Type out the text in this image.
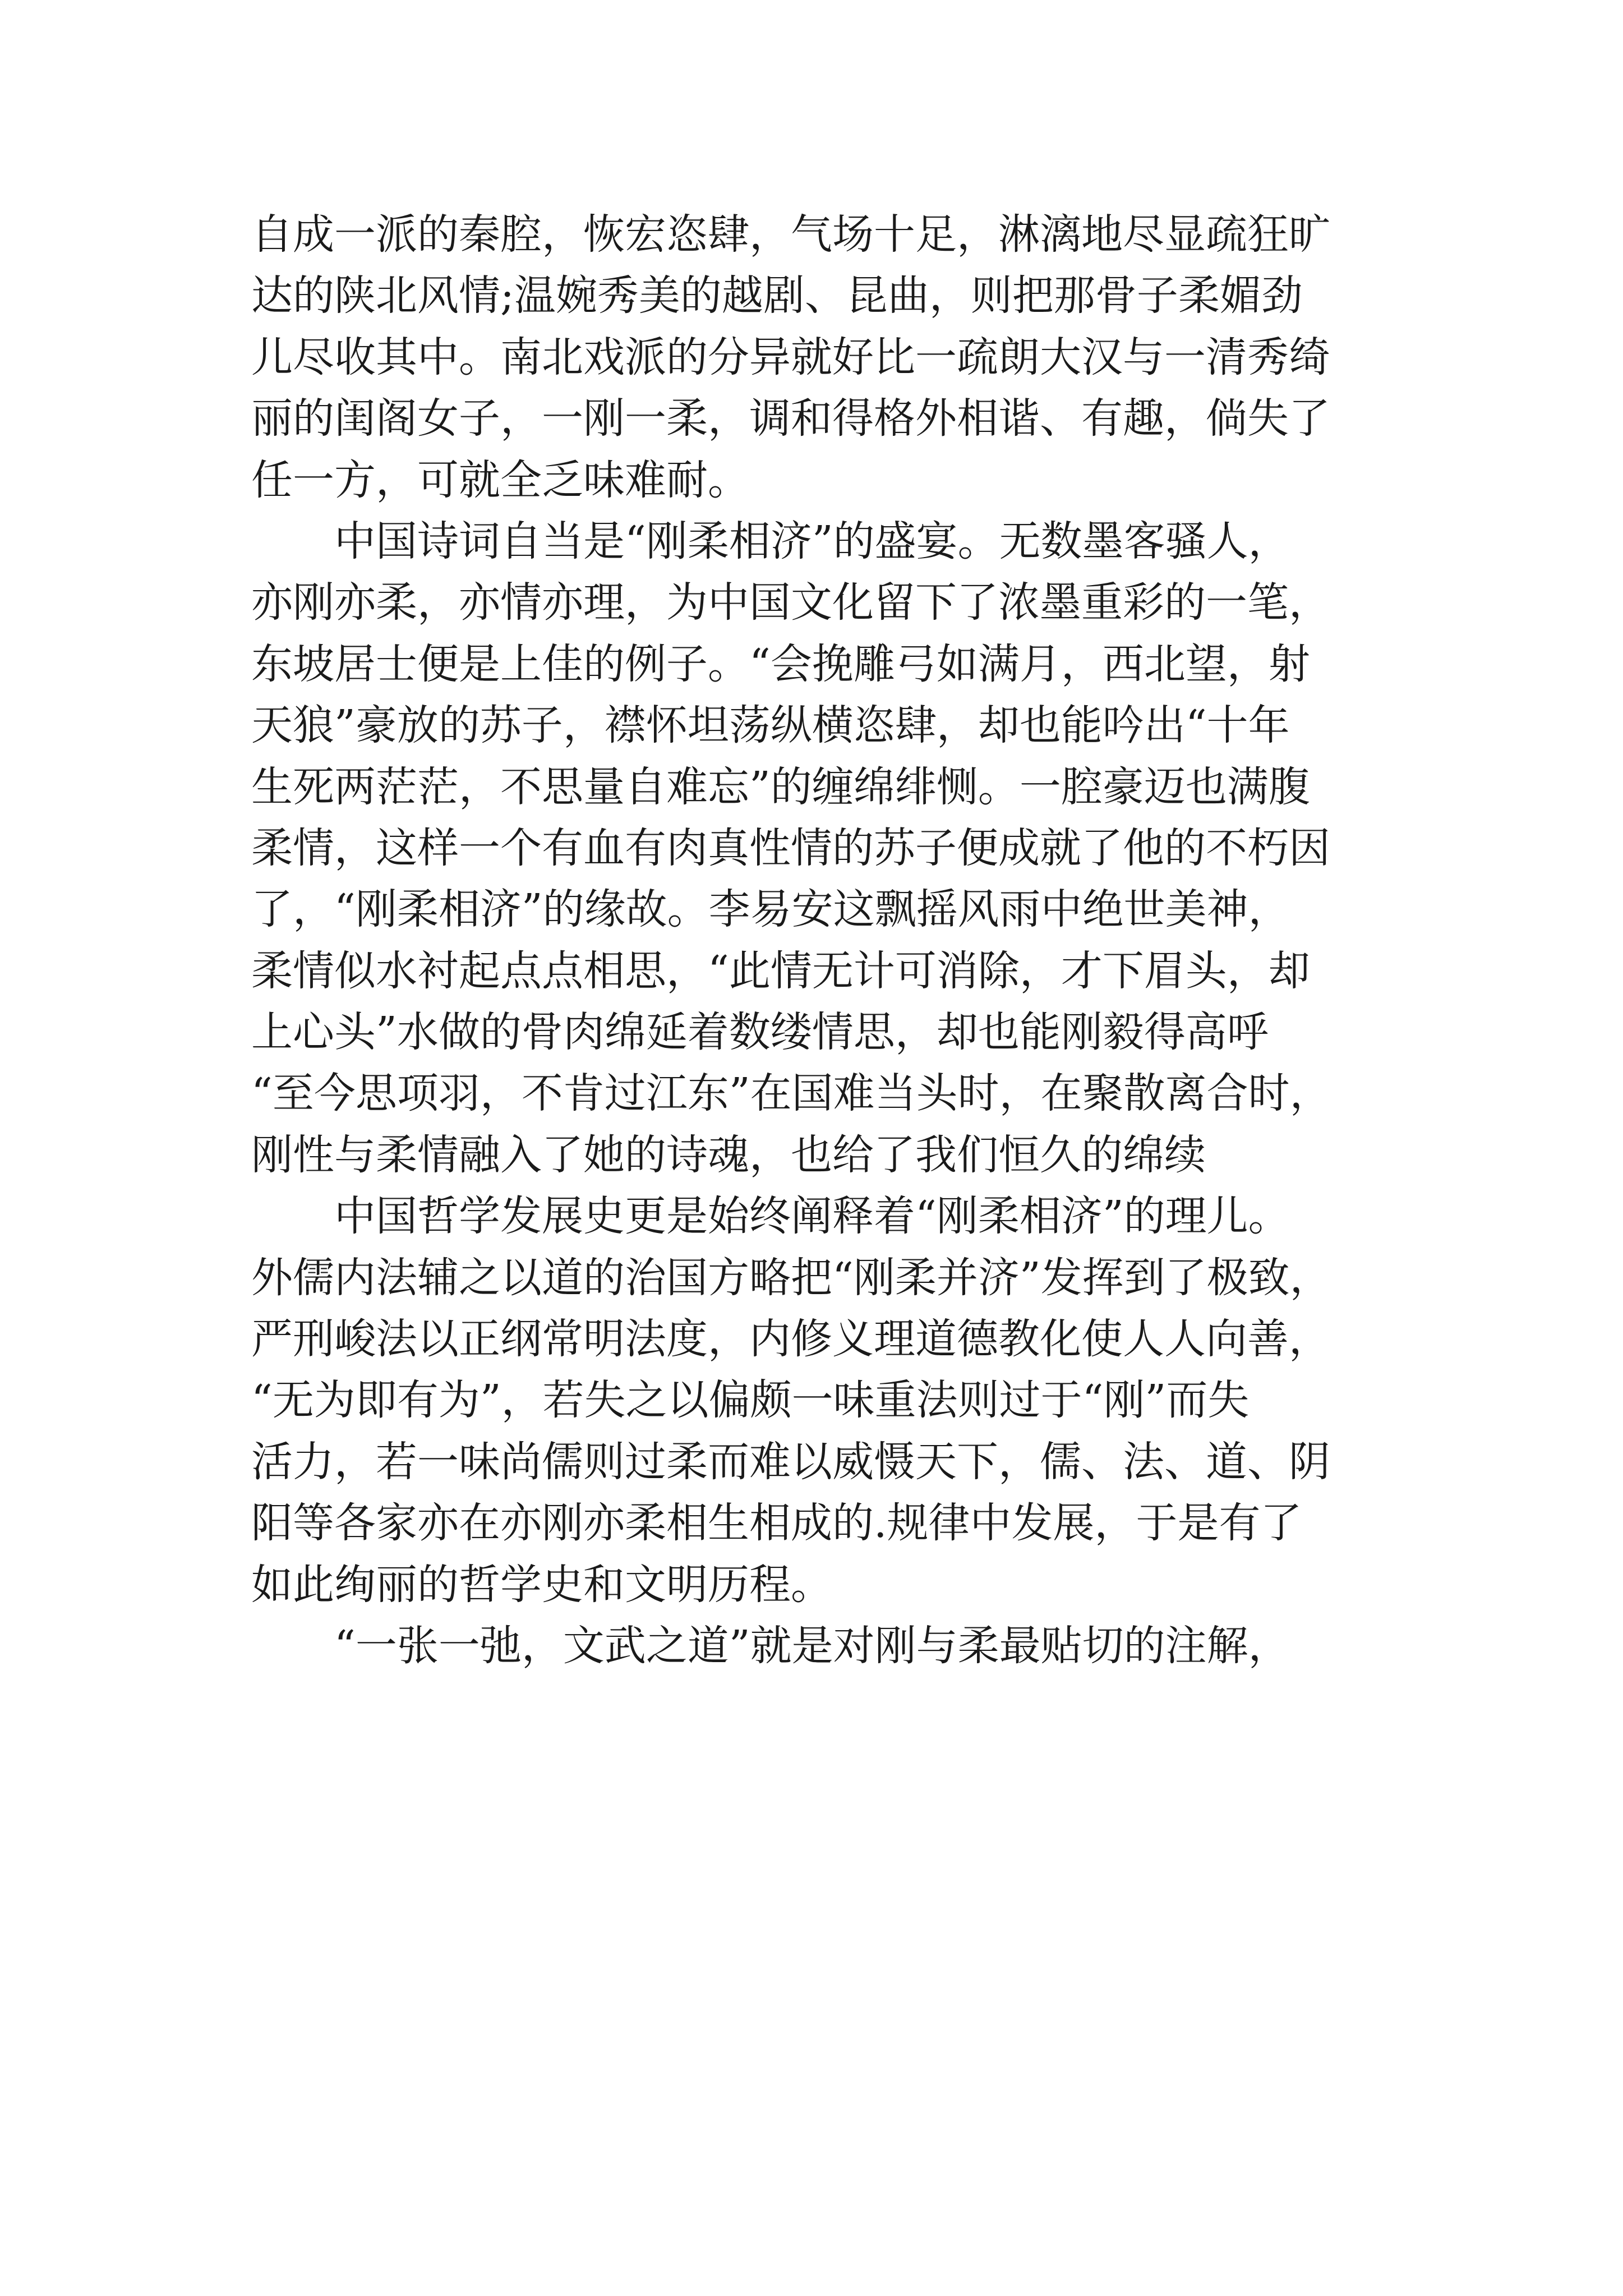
自成一派的秦腔，恢宏恣肆，气场十足，淋漓地尽显疏狂旷
达的陕北风情;温婉秀美的越剧、昆曲，则把那骨子柔媚劲
儿尽收其中。南北戏派的分异就好比一疏朗大汉与一清秀绮
丽的闺阁女子，一刚一柔，调和得格外相谐、有趣，倘失了
任一方，可就全乏味难耐。
　　中国诗词自当是“刚柔相济”的盛宴。无数墨客骚人，
亦刚亦柔，亦情亦理，为中国文化留下了浓墨重彩的一笔，
东坡居士便是上佳的例子。“会挽雕弓如满月，西北望，射
天狼”豪放的苏子，襟怀坦荡纵横恣肆，却也能吟出“十年
生死两茫茫，不思量自难忘”的缠绵绯恻。一腔豪迈也满腹
柔情，这样一个有血有肉真性情的苏子便成就了他的不朽因
了，“刚柔相济”的缘故。李易安这飘摇风雨中绝世美神，
柔情似水衬起点点相思，“此情无计可消除，才下眉头，却
上心头”水做的骨肉绵延着数缕情思，却也能刚毅得高呼
“至今思项羽，不肯过江东”在国难当头时，在聚散离合时，
刚性与柔情融入了她的诗魂，也给了我们恒久的绵续
　　中国哲学发展史更是始终阐释着“刚柔相济”的理儿。
外儒内法辅之以道的治国方略把“刚柔并济”发挥到了极致，
严刑峻法以正纲常明法度，内修义理道德教化使人人向善，
“无为即有为”，若失之以偏颇一味重法则过于“刚”而失
活力，若一味尚儒则过柔而难以威慑天下，儒、法、道、阴
阳等各家亦在亦刚亦柔相生相成的.规律中发展，于是有了
如此绚丽的哲学史和文明历程。
　　“一张一弛，文武之道”就是对刚与柔最贴切的注解，
